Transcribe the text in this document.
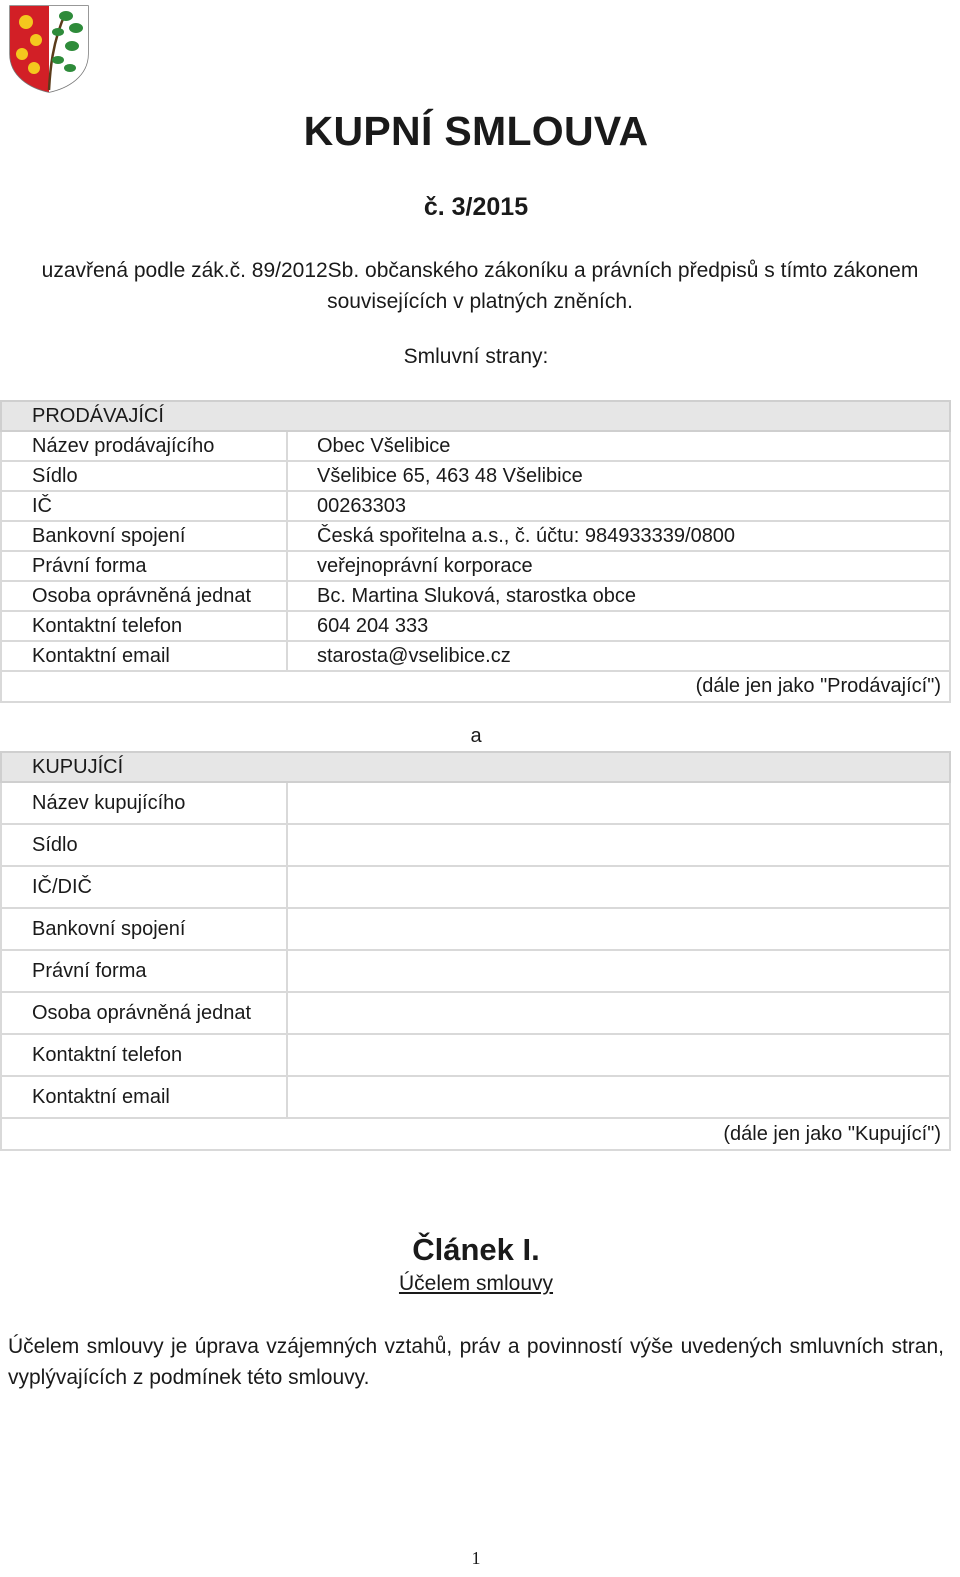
KUPNÍ SMLOUVA
č. 3/2015
uzavřená podle zák.č. 89/2012Sb. občanského zákoníku a právních předpisů s tímto zákonem souvisejících v platných zněních.
Smluvní strany:
PRODÁVAJÍCÍ	
Název prodávajícího	Obec Všelibice
Sídlo	Všelibice 65, 463 48 Všelibice
IČ	00263303
Bankovní spojení	Česká spořitelna a.s., č. účtu: 984933339/0800
Právní forma	veřejnoprávní korporace
Osoba oprávněná jednat	Bc. Martina Sluková, starostka obce
Kontaktní telefon	604 204 333
Kontaktní email	starosta@vselibice.cz
(dále jen jako "Prodávající")	
a
KUPUJÍCÍ	
Název kupujícího	
Sídlo	
IČ/DIČ	
Bankovní spojení	
Právní forma	
Osoba oprávněná jednat	
Kontaktní telefon	
Kontaktní email	
(dále jen jako "Kupující")	
Článek I.
Účelem smlouvy
Účelem smlouvy je úprava vzájemných vztahů, práv a povinností výše uvedených smluvních stran, vyplývajících z podmínek této smlouvy.
1
